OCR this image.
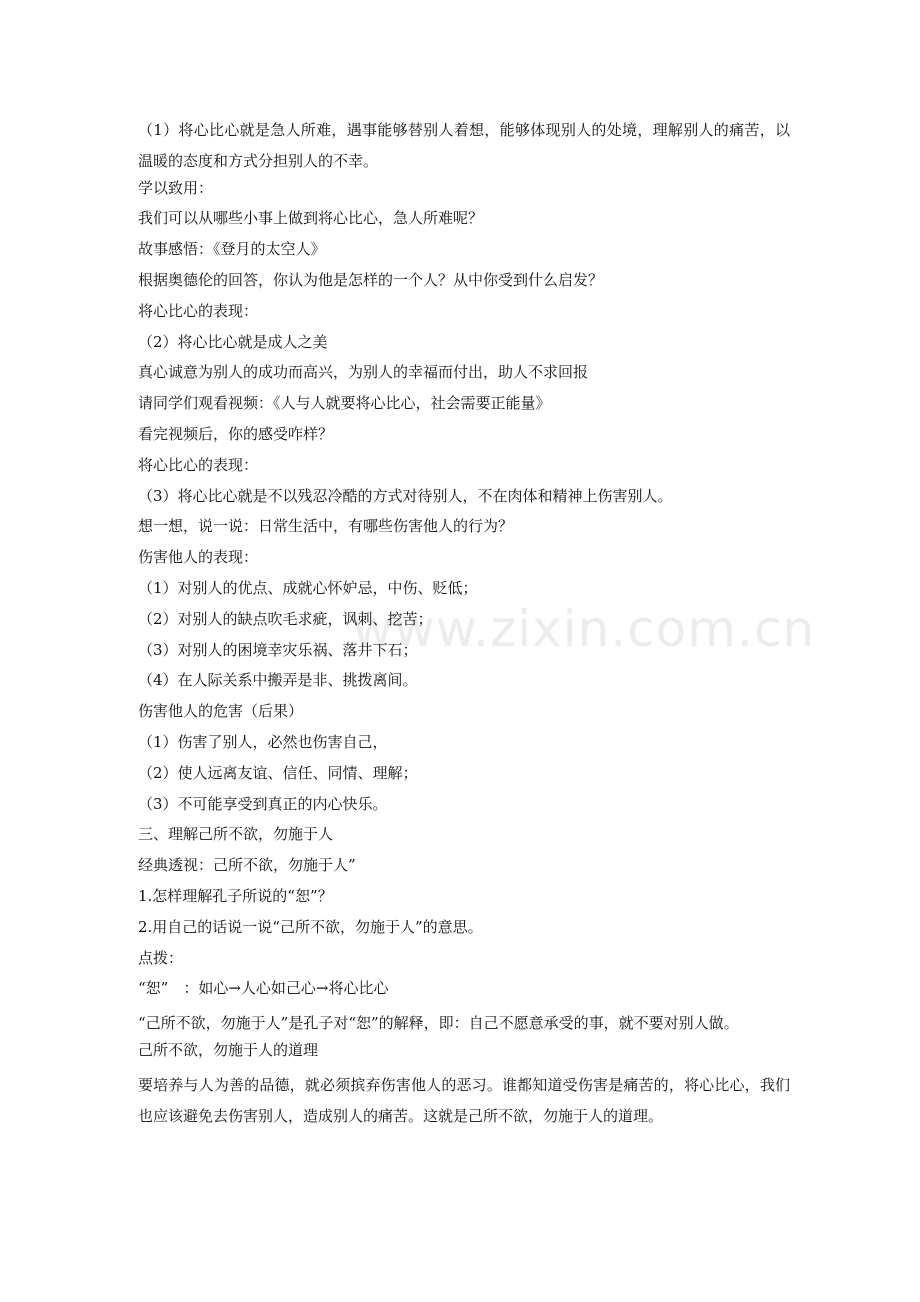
www.zixin.com.cn

（1）将心比心就是急人所难，遇事能够替别人着想，能够体现别人的处境，理解别人的痛苦，以温暖的态度和方式分担别人的不幸。

学以致用：

我们可以从哪些小事上做到将心比心，急人所难呢？

故事感悟：《登月的太空人》

根据奥德伦的回答，你认为他是怎样的一个人？从中你受到什么启发？

将心比心的表现：

（2）将心比心就是成人之美

真心诚意为别人的成功而高兴，为别人的幸福而付出，助人不求回报

请同学们观看视频：《人与人就要将心比心，社会需要正能量》

看完视频后，你的感受咋样？

将心比心的表现：

（3）将心比心就是不以残忍冷酷的方式对待别人，不在肉体和精神上伤害别人。

想一想，说一说：日常生活中，有哪些伤害他人的行为？

伤害他人的表现：

（1）对别人的优点、成就心怀妒忌，中伤、贬低；

（2）对别人的缺点吹毛求疵，讽刺、挖苦；

（3）对别人的困境幸灾乐祸、落井下石；

（4）在人际关系中搬弄是非、挑拨离间。

伤害他人的危害（后果）

（1）伤害了别人，必然也伤害自己，

（2）使人远离友谊、信任、同情、理解；

（3）不可能享受到真正的内心快乐。

三、理解己所不欲，勿施于人

经典透视：己所不欲，勿施于人”

1.怎样理解孔子所说的“恕”？

2.用自己的话说一说“己所不欲，勿施于人”的意思。

点拨：

“恕”　：如心→人心如己心→将心比心

“己所不欲，勿施于人”是孔子对“恕”的解释，即：自己不愿意承受的事，就不要对别人做。

己所不欲，勿施于人的道理

要培养与人为善的品德，就必须摈弃伤害他人的恶习。谁都知道受伤害是痛苦的，将心比心，我们也应该避免去伤害别人，造成别人的痛苦。这就是己所不欲，勿施于人的道理。
